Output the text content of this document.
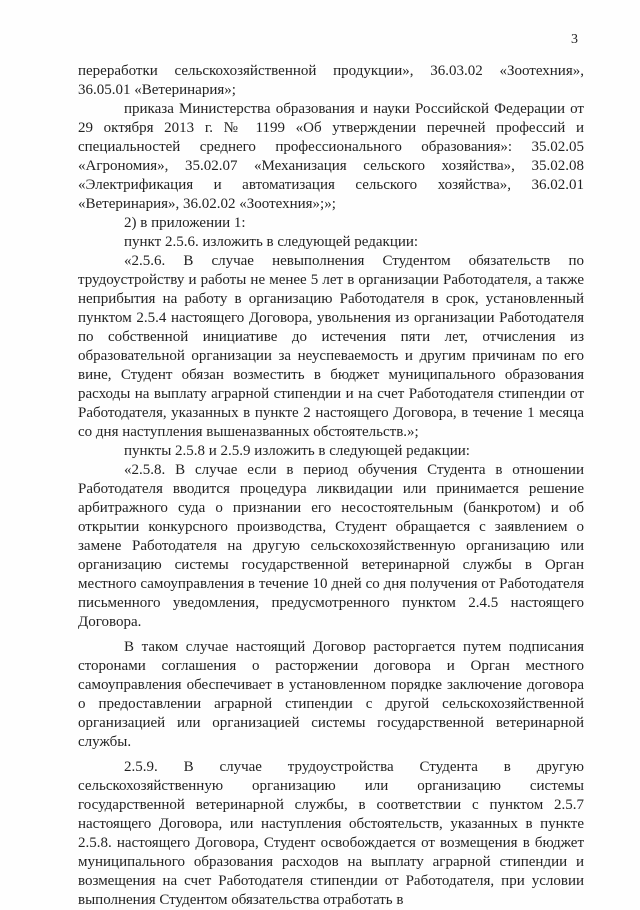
3

переработки сельскохозяйственной продукции», 36.03.02 «Зоотехния», 36.05.01 «Ветеринария»;

приказа Министерства образования и науки Российской Федерации от 29 октября 2013 г. № 1199 «Об утверждении перечней профессий и специальностей среднего профессионального образования»: 35.02.05 «Агрономия», 35.02.07 «Механизация сельского хозяйства», 35.02.08 «Электрификация и автоматизация сельского хозяйства», 36.02.01 «Ветеринария», 36.02.02 «Зоотехния»;»;

2) в приложении 1:

пункт 2.5.6. изложить в следующей редакции:

«2.5.6. В случае невыполнения Студентом обязательств по трудоустройству и работы не менее 5 лет в организации Работодателя, а также неприбытия на работу в организацию Работодателя в срок, установленный пунктом 2.5.4 настоящего Договора, увольнения из организации Работодателя по собственной инициативе до истечения пяти лет, отчисления из образовательной организации за неуспеваемость и другим причинам по его вине, Студент обязан возместить в бюджет муниципального образования расходы на выплату аграрной стипендии и на счет Работодателя стипендии от Работодателя, указанных в пункте 2 настоящего Договора, в течение 1 месяца со дня наступления вышеназванных обстоятельств.»;

пункты 2.5.8 и 2.5.9 изложить в следующей редакции:

«2.5.8. В случае если в период обучения Студента в отношении Работодателя вводится процедура ликвидации или принимается решение арбитражного суда о признании его несостоятельным (банкротом) и об открытии конкурсного производства, Студент обращается с заявлением о замене Работодателя на другую сельскохозяйственную организацию или организацию системы государственной ветеринарной службы в Орган местного самоуправления в течение 10 дней со дня получения от Работодателя письменного уведомления, предусмотренного пунктом 2.4.5 настоящего Договора.

В таком случае настоящий Договор расторгается путем подписания сторонами соглашения о расторжении договора и Орган местного самоуправления обеспечивает в установленном порядке заключение договора о предоставлении аграрной стипендии с другой сельскохозяйственной организацией или организацией системы государственной ветеринарной службы.

2.5.9. В случае трудоустройства Студента в другую сельскохозяйственную организацию или организацию системы государственной ветеринарной службы, в соответствии с пунктом 2.5.7 настоящего Договора, или наступления обстоятельств, указанных в пункте 2.5.8. настоящего Договора, Студент освобождается от возмещения в бюджет муниципального образования расходов на выплату аграрной стипендии и возмещения на счет Работодателя стипендии от Работодателя, при условии выполнения Студентом обязательства отработать в
